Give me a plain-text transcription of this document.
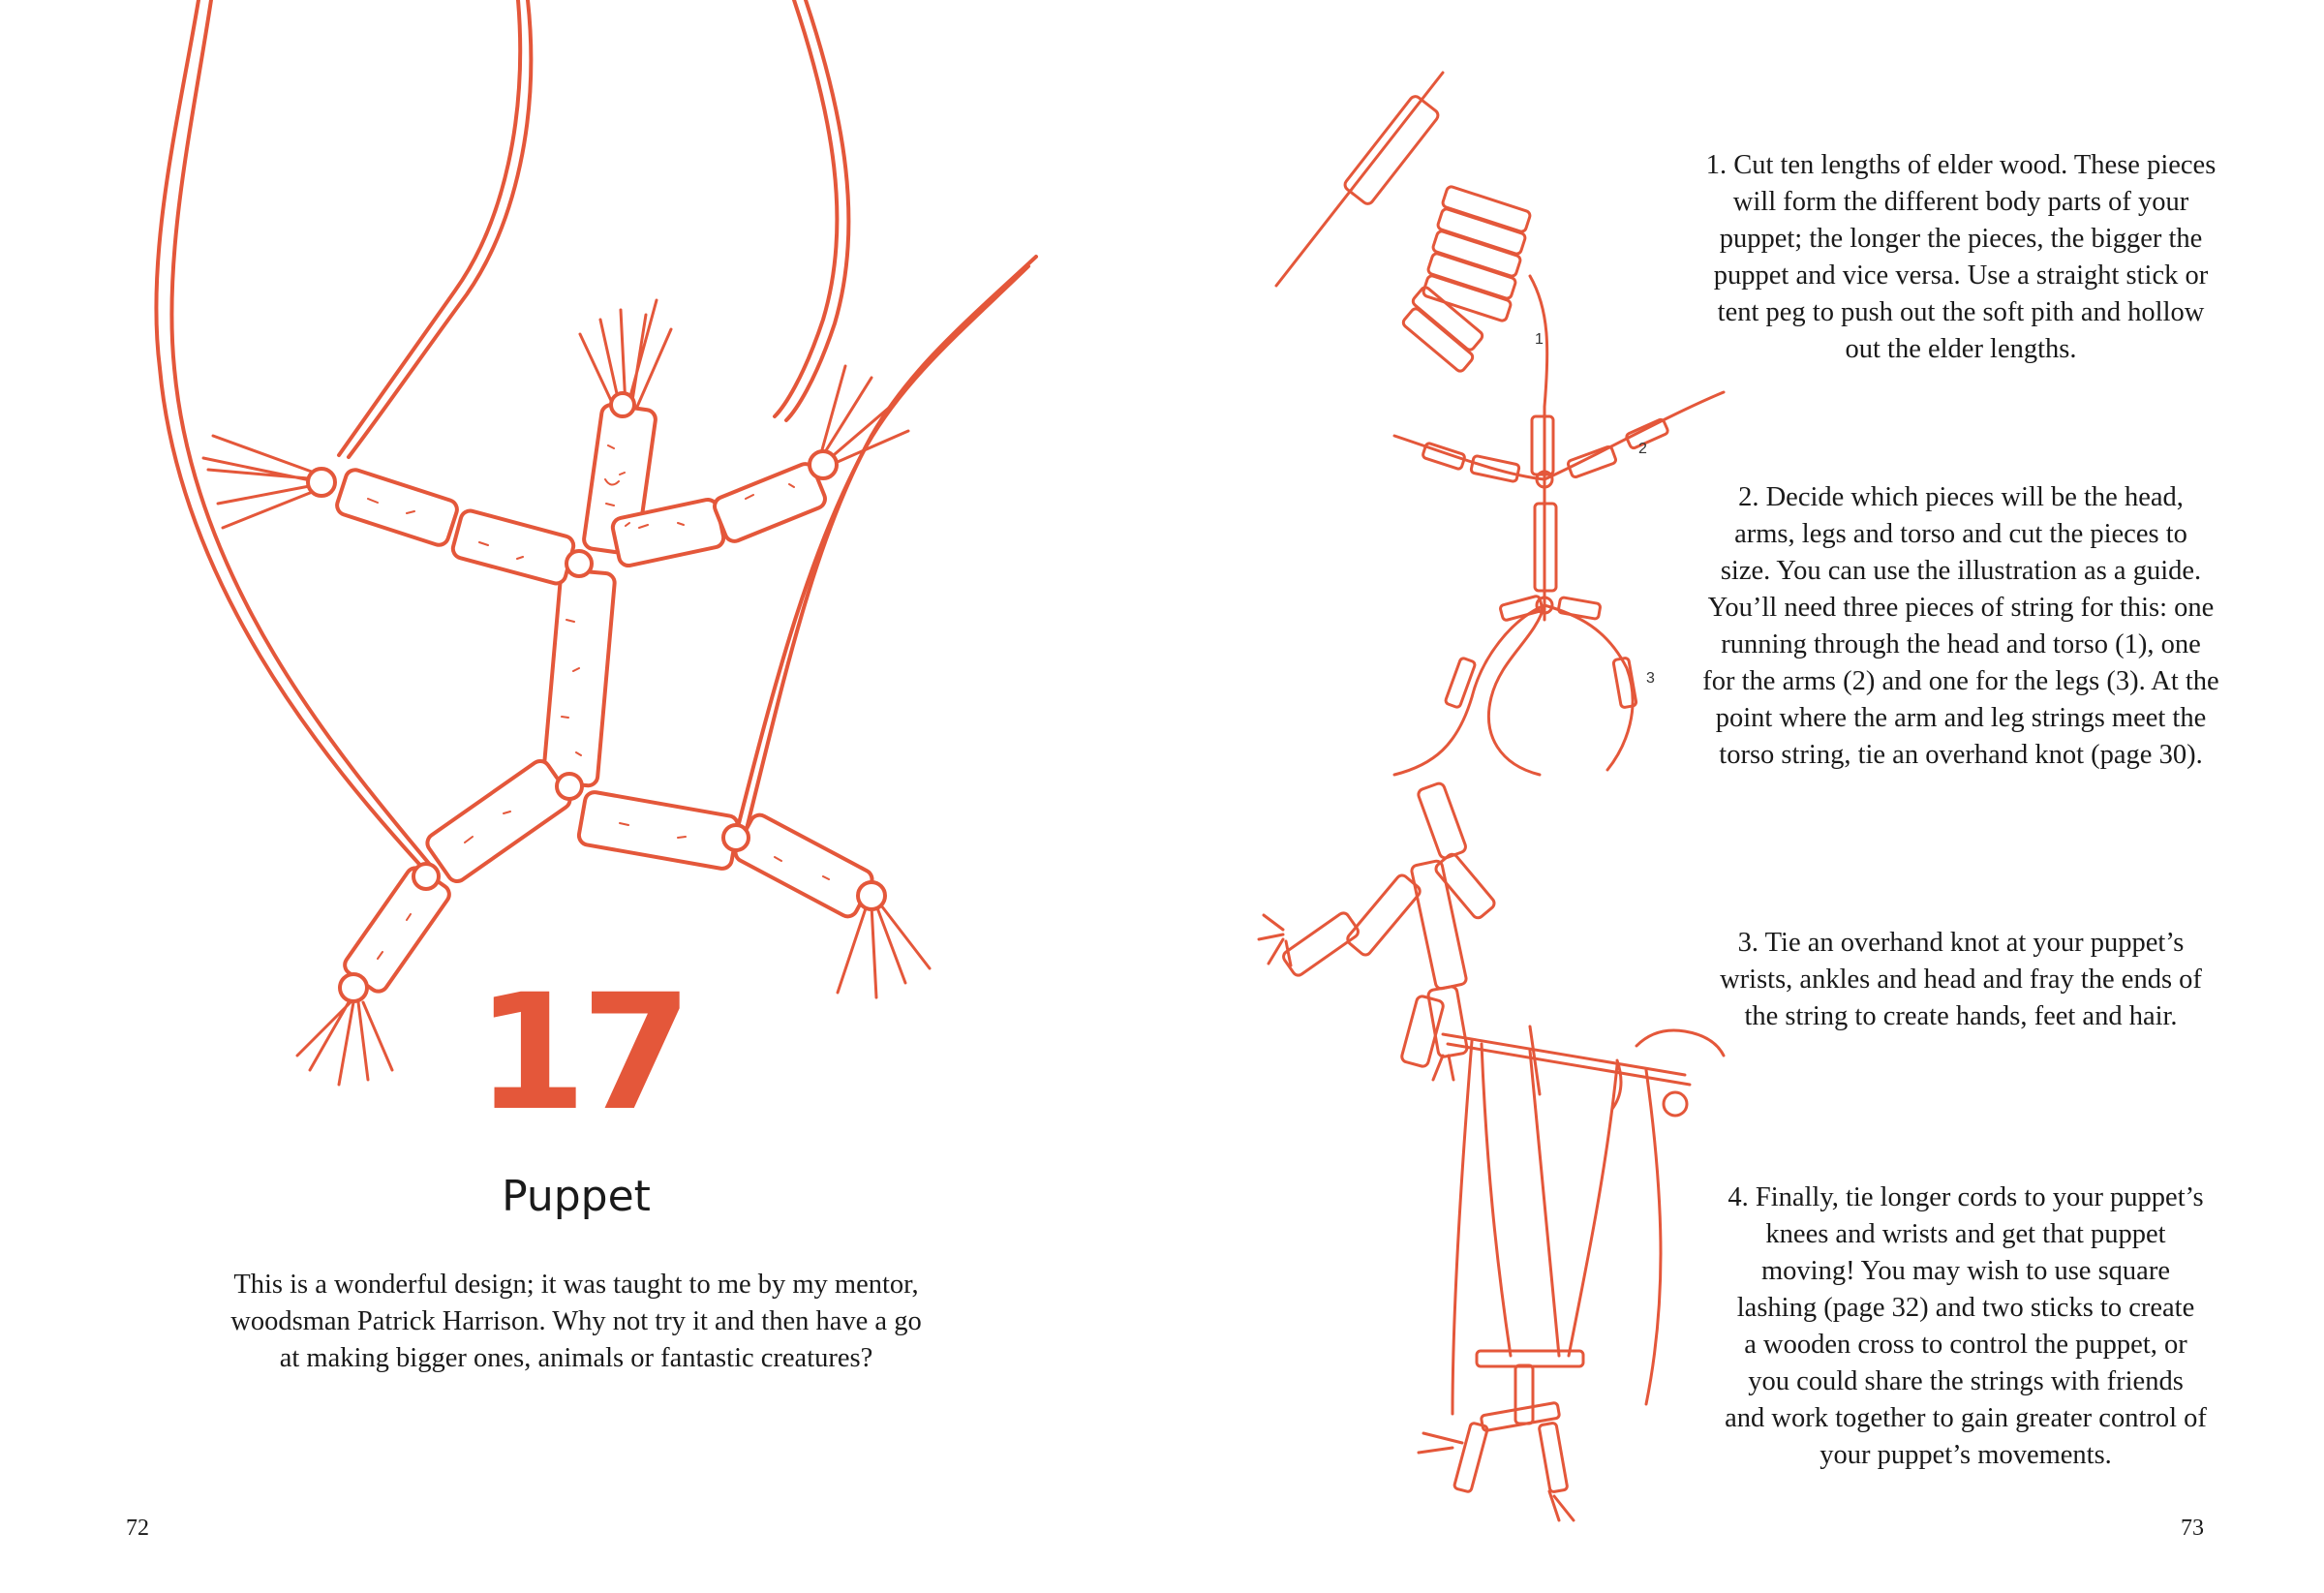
17
Puppet
This is a wonderful design; it was taught to me by my mentor,
woodsman Patrick Harrison. Why not try it and then have a go
at making bigger ones, animals or fantastic creatures?
72
1
2
3
1. Cut ten lengths of elder wood. These pieces
will form the different body parts of your
puppet; the longer the pieces, the bigger the
puppet and vice versa. Use a straight stick or
tent peg to push out the soft pith and hollow
out the elder lengths.
2. Decide which pieces will be the head,
arms, legs and torso and cut the pieces to
size. You can use the illustration as a guide.
You’ll need three pieces of string for this: one
running through the head and torso (1), one
for the arms (2) and one for the legs (3). At the
point where the arm and leg strings meet the
torso string, tie an overhand knot (page 30).
3. Tie an overhand knot at your puppet’s
wrists, ankles and head and fray the ends of
the string to create hands, feet and hair.
4. Finally, tie longer cords to your puppet’s
knees and wrists and get that puppet
moving! You may wish to use square
lashing (page 32) and two sticks to create
a wooden cross to control the puppet, or
you could share the strings with friends
and work together to gain greater control of
your puppet’s movements.
73
